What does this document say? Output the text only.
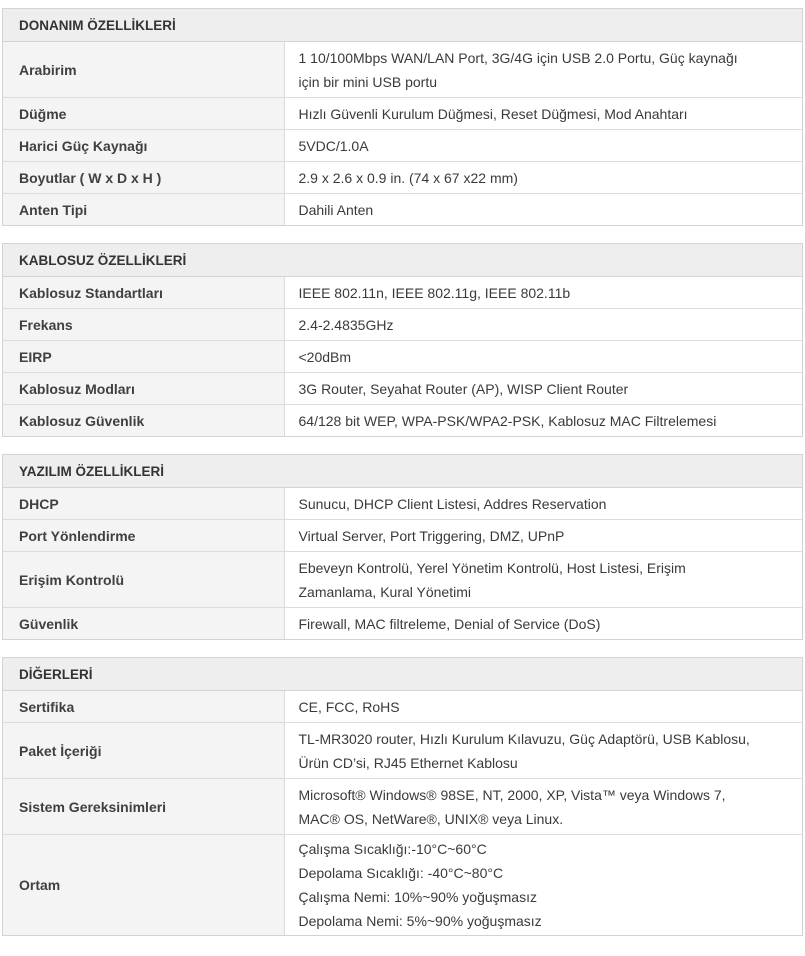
DONANIM ÖZELLİKLERİ
Arabirim	1 10/100Mbps WAN/LAN Port, 3G/4G için USB 2.0 Portu, Güç kaynağı
için bir mini USB portu

Düğme	Hızlı Güvenli Kurulum Düğmesi, Reset Düğmesi, Mod Anahtarı
Harici Güç Kaynağı	5VDC/1.0A
Boyutlar ( W x D x H )	2.9 x 2.6 x 0.9 in. (74 x 67 x22 mm)
Anten Tipi	Dahili Anten
KABLOSUZ ÖZELLİKLERİ
Kablosuz Standartları	IEEE 802.11n, IEEE 802.11g, IEEE 802.11b
Frekans	2.4-2.4835GHz
EIRP	<20dBm
Kablosuz Modları	3G Router, Seyahat Router (AP), WISP Client Router
Kablosuz Güvenlik	64/128 bit WEP, WPA-PSK/WPA2-PSK, Kablosuz MAC Filtrelemesi
YAZILIM ÖZELLİKLERİ
DHCP	Sunucu, DHCP Client Listesi, Addres Reservation
Port Yönlendirme	Virtual Server, Port Triggering, DMZ, UPnP
Erişim Kontrolü	Ebeveyn Kontrolü, Yerel Yönetim Kontrolü, Host Listesi, Erişim
Zamanlama, Kural Yönetimi

Güvenlik	Firewall, MAC filtreleme, Denial of Service (DoS)
DİĞERLERİ
Sertifika	CE, FCC, RoHS
Paket İçeriği	TL-MR3020 router, Hızlı Kurulum Kılavuzu, Güç Adaptörü, USB Kablosu,
Ürün CD’si, RJ45 Ethernet Kablosu

Sistem Gereksinimleri	Microsoft® Windows® 98SE, NT, 2000, XP, Vista™ veya Windows 7,
MAC® OS, NetWare®, UNIX® veya Linux.

Ortam	Çalışma Sıcaklığı:-10°C~60°C
Depolama Sıcaklığı: -40°C~80°C
Çalışma Nemi: 10%~90% yoğuşmasız
Depolama Nemi: 5%~90% yoğuşmasız
